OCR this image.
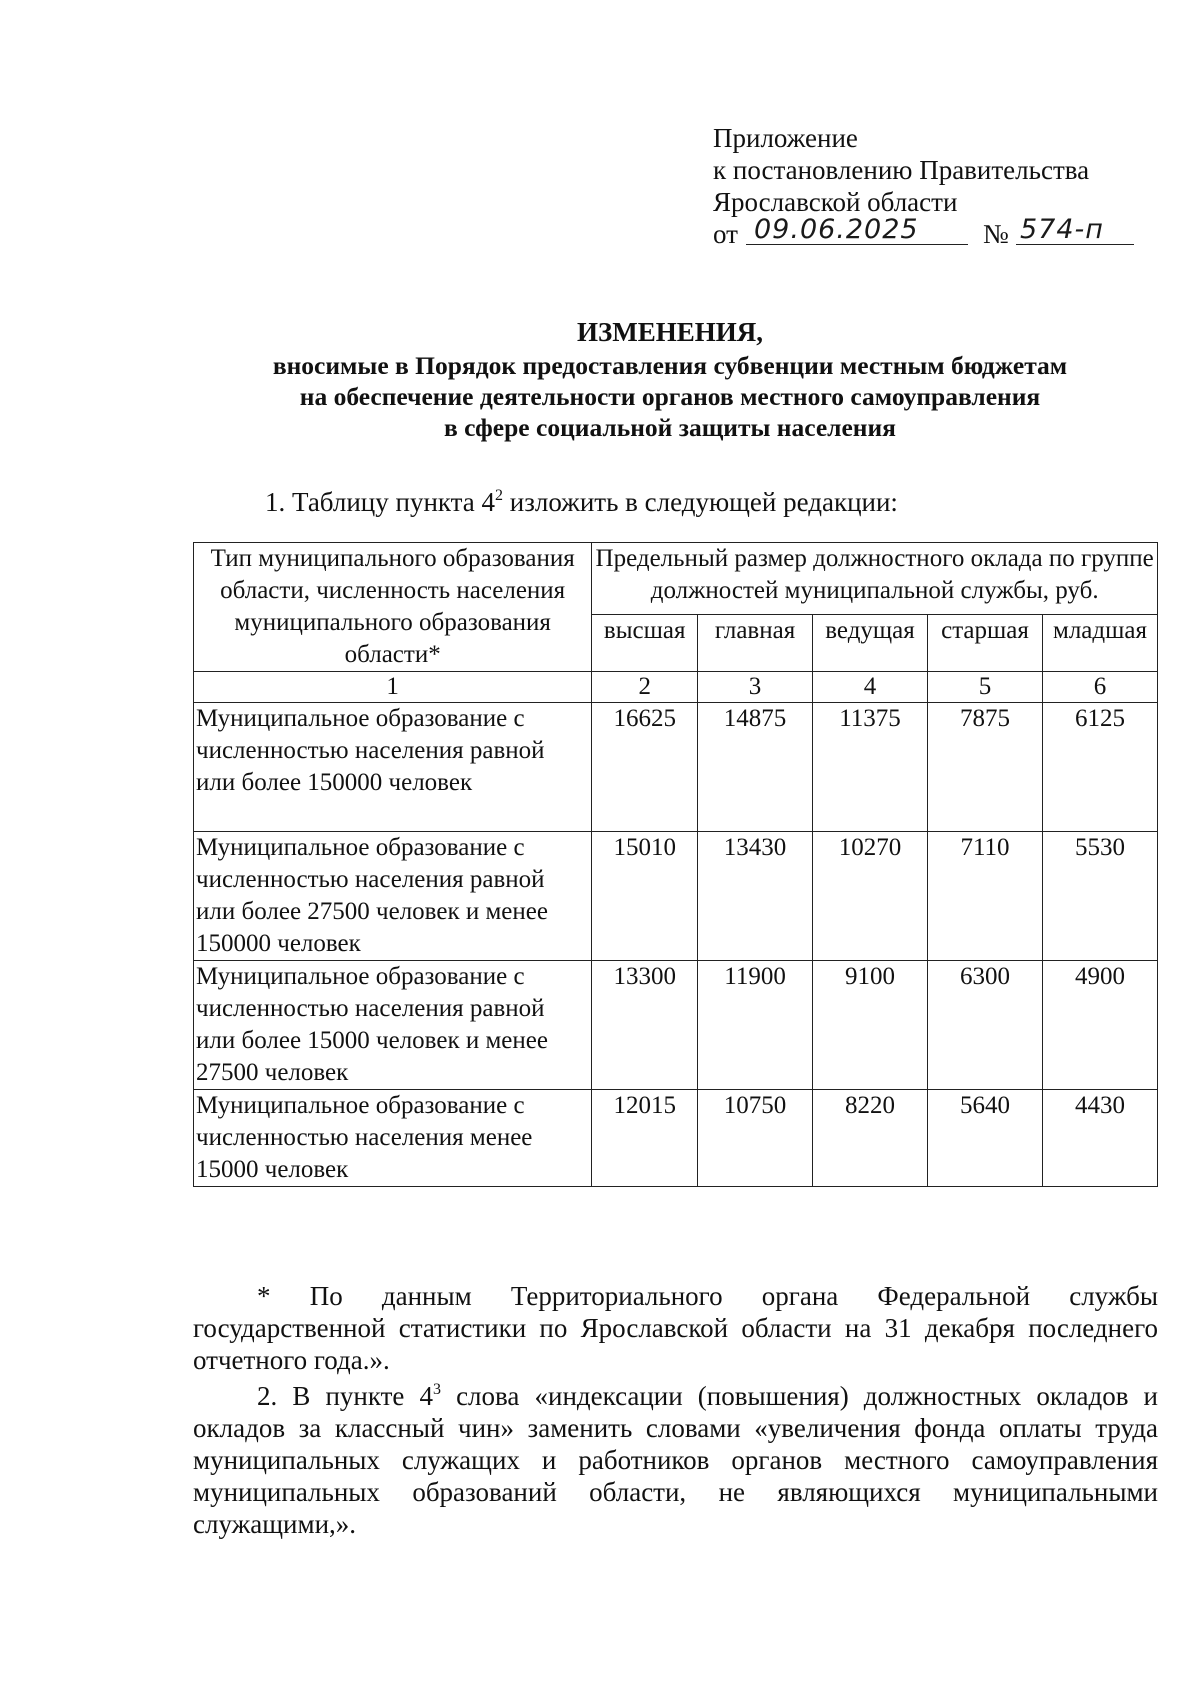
Приложение
к постановлению Правительства
Ярославской области
от 09.06.2025 № 574-п
ИЗМЕНЕНИЯ,
вносимые в Порядок предоставления субвенции местным бюджетам
на обеспечение деятельности органов местного самоуправления
в сфере социальной защиты населения
1. Таблицу пункта $4^2$ изложить в следующей редакции:
Тип муниципального образования области, численность населения муниципального образования области*	Предельный размер должностного оклада по группе должностей муниципальной службы, руб.				
	высшая	главная	ведущая	старшая	младшая
1	2	3	4	5	6
Муниципальное образование с численностью населения равной или более 150000 человек	16625	14875	11375	7875	6125
Муниципальное образование с численностью населения равной или более 27500 человек и менее 150000 человек	15010	13430	10270	7110	5530
Муниципальное образование с численностью населения равной или более 15000 человек и менее 27500 человек	13300	11900	9100	6300	4900
Муниципальное образование с численностью населения менее 15000 человек	12015	10750	8220	5640	4430
* По данным Территориального органа Федеральной службы государственной статистики по Ярославской области на 31 декабря последнего отчетного года.».
2. В пункте $4^3$ слова «индексации (повышения) должностных окладов и окладов за классный чин» заменить словами «увеличения фонда оплаты труда муниципальных служащих и работников органов местного самоуправления муниципальных образований области, не являющихся муниципальными служащими,».
